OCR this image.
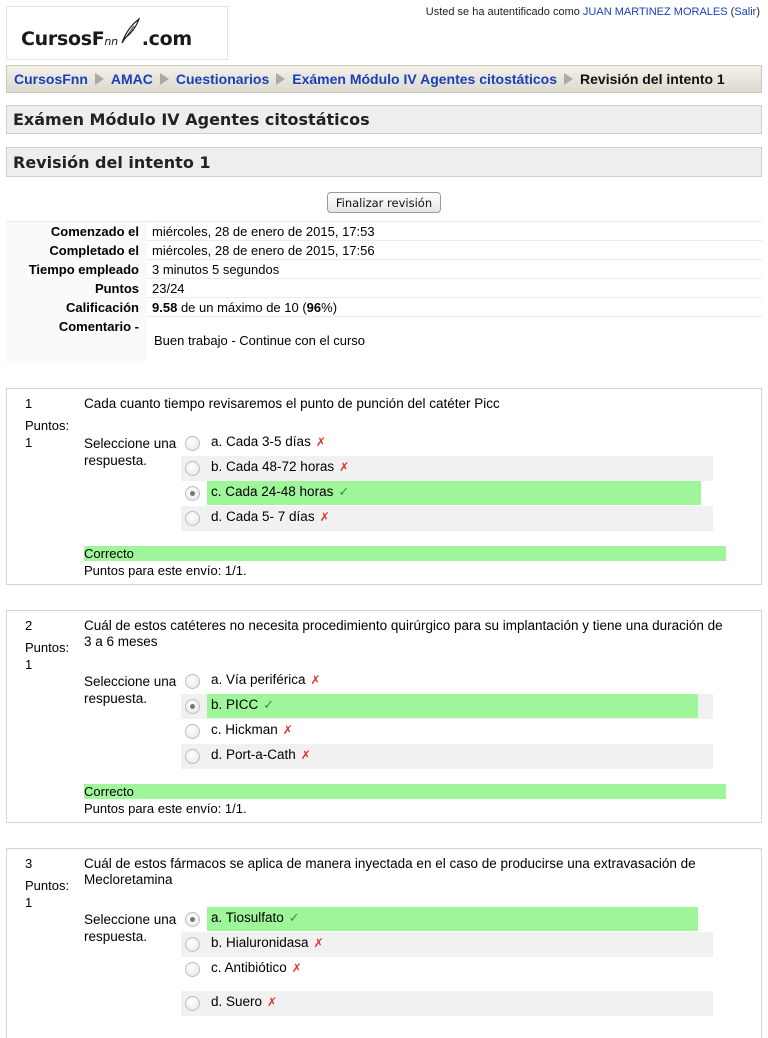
CursosFnn .com
Usted se ha autentificado como JUAN MARTINEZ MORALES (Salir)
CursosFnn AMAC Cuestionarios Exámen Módulo IV Agentes citostáticos Revisión del intento 1
Exámen Módulo IV Agentes citostáticos
Revisión del intento 1
Finalizar revisión
Comenzado el	miércoles, 28 de enero de 2015, 17:53
Completado el	miércoles, 28 de enero de 2015, 17:56
Tiempo empleado	3 minutos 5 segundos
Puntos	23/24
Calificación	9.58 de un máximo de 10 (96%)
Comentario -
Buen trabajo - Continue con el curso
1
Puntos:
1
Cada cuanto tiempo revisaremos el punto de punción del catéter Picc
Seleccione una respuesta.
a. Cada 3-5 días ✗
b. Cada 48-72 horas ✗
c. Cada 24-48 horas ✓
d. Cada 5- 7 días ✗
Correcto
Puntos para este envío: 1/1.
2
Puntos:
1
Cuál de estos catéteres no necesita procedimiento quirúrgico para su implantación y tiene una duración de 3 a 6 meses
Seleccione una respuesta.
a. Vía periférica ✗
b. PICC ✓
c. Hickman ✗
d. Port-a-Cath ✗
Correcto
Puntos para este envío: 1/1.
3
Puntos:
1
Cuál de estos fármacos se aplica de manera inyectada en el caso de producirse una extravasación de Mecloretamina
Seleccione una respuesta.
a. Tiosulfato ✓
b. Hialuronidasa ✗
c. Antibiótico ✗
d. Suero ✗
